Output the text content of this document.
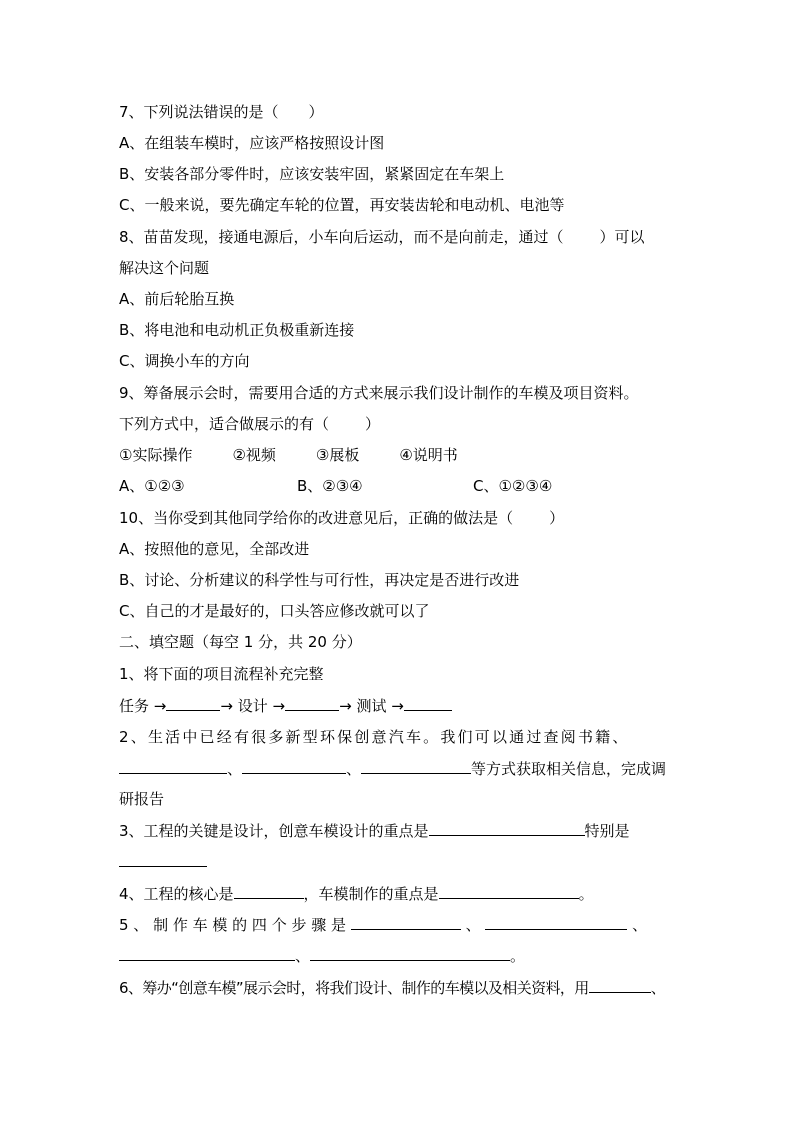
7、下列说法错误的是（ ）
A、在组装车模时，应该严格按照设计图
B、安装各部分零件时，应该安装牢固，紧紧固定在车架上
C、一般来说，要先确定车轮的位置，再安装齿轮和电动机、电池等
8、苗苗发现，接通电源后，小车向后运动，而不是向前走，通过（ ）可以
解决这个问题
A、前后轮胎互换
B、将电池和电动机正负极重新连接
C、调换小车的方向
9、筹备展示会时，需要用合适的方式来展示我们设计制作的车模及项目资料。
下列方式中，适合做展示的有（ ）
①实际操作	②视频	③展板	④说明书
A、①②③	B、②③④	C、①②③④
10、当你受到其他同学给你的改进意见后，正确的做法是（ ）
A、按照他的意见，全部改进
B、讨论、分析建议的科学性与可行性，再决定是否进行改进
C、自己的才是最好的，口头答应修改就可以了
二、填空题（每空 1 分，共 20 分）
1、将下面的项目流程补充完整
任务 →	→ 设计 →	→ 测试 →
2、生活中已经有很多新型环保创意汽车。我们可以通过查阅书籍、
、	、	等方式获取相关信息，完成调
研报告
3、工程的关键是设计，创意车模设计的重点是	特别是
4、工程的核心是	，车模制作的重点是	。
5 、 制 作 车 模 的 四 个 步 骤 是	、	、
、	。
6、筹办“创意车模”展示会时，将我们设计、制作的车模以及相关资料，用	、
